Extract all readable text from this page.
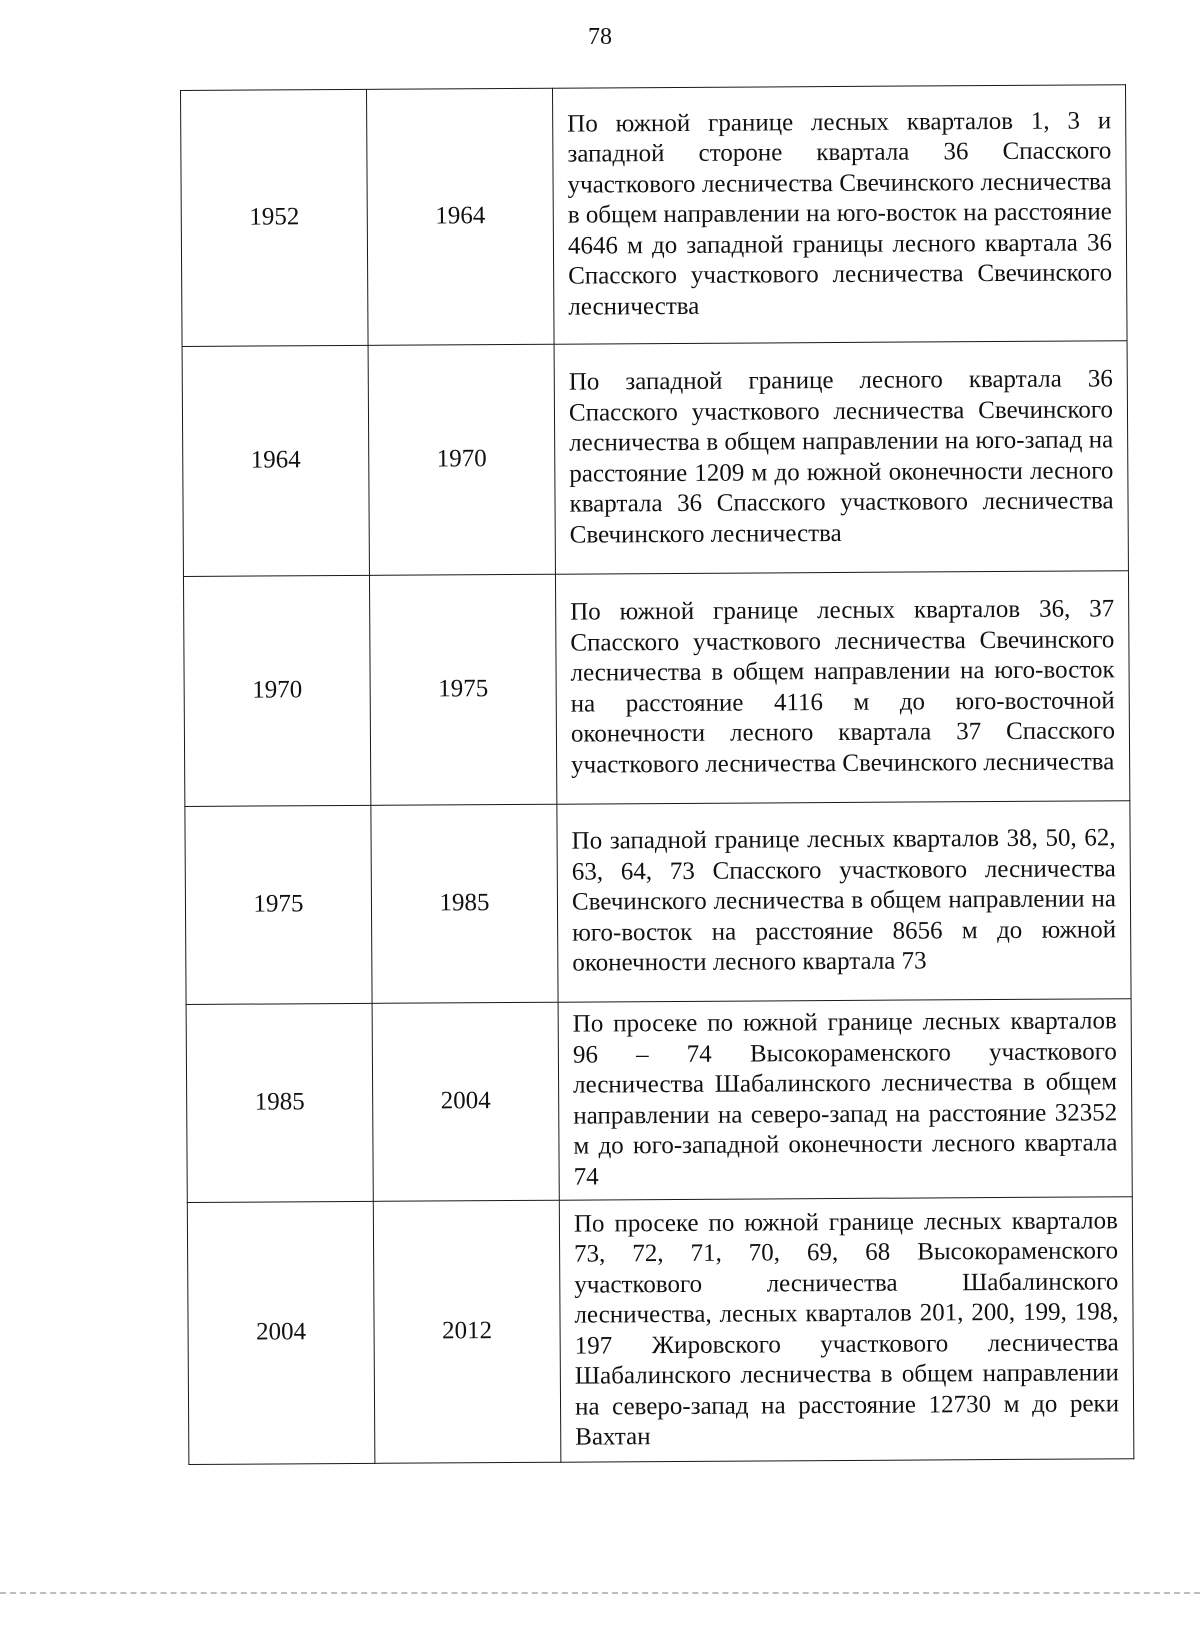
78
1952	1964	По южной границе лесных кварталов 1, 3 и западной стороне квартала 36 Спасского участкового лесничества Свечинского лесничества в общем направлении на юго-восток на расстояние 4646 м до западной границы лесного квартала 36 Спасского участкового лесничества Свечинского лесничества
1964	1970	По западной границе лесного квартала 36 Спасского участкового лесничества Свечинского лесничества в общем направлении на юго-запад на расстояние 1209 м до южной оконечности лесного квартала 36 Спасского участкового лесничества Свечинского лесничества
1970	1975	По южной границе лесных кварталов 36, 37 Спасского участкового лесничества Свечинского лесничества в общем направлении на юго-восток на расстояние 4116 м до юго-восточной оконечности лесного квартала 37 Спасского участкового лесничества Свечинского лесничества
1975	1985	По западной границе лесных кварталов 38, 50, 62, 63, 64, 73 Спасского участкового лесничества Свечинского лесничества в общем направлении на юго-восток на расстояние 8656 м до южной оконечности лесного квартала 73
1985	2004	По просеке по южной границе лесных кварталов 96 – 74 Высокораменского участкового лесничества Шабалинского лесничества в общем направлении на северо-запад на расстояние 32352 м до юго-западной оконечности лесного квартала 74
2004	2012	По просеке по южной границе лесных кварталов 73, 72, 71, 70, 69, 68 Высокораменского участкового лесничества Шабалинского лесничества, лесных кварталов 201, 200, 199, 198, 197 Жировского участкового лесничества Шабалинского лесничества в общем направлении на северо-запад на расстояние 12730 м до реки Вахтан
